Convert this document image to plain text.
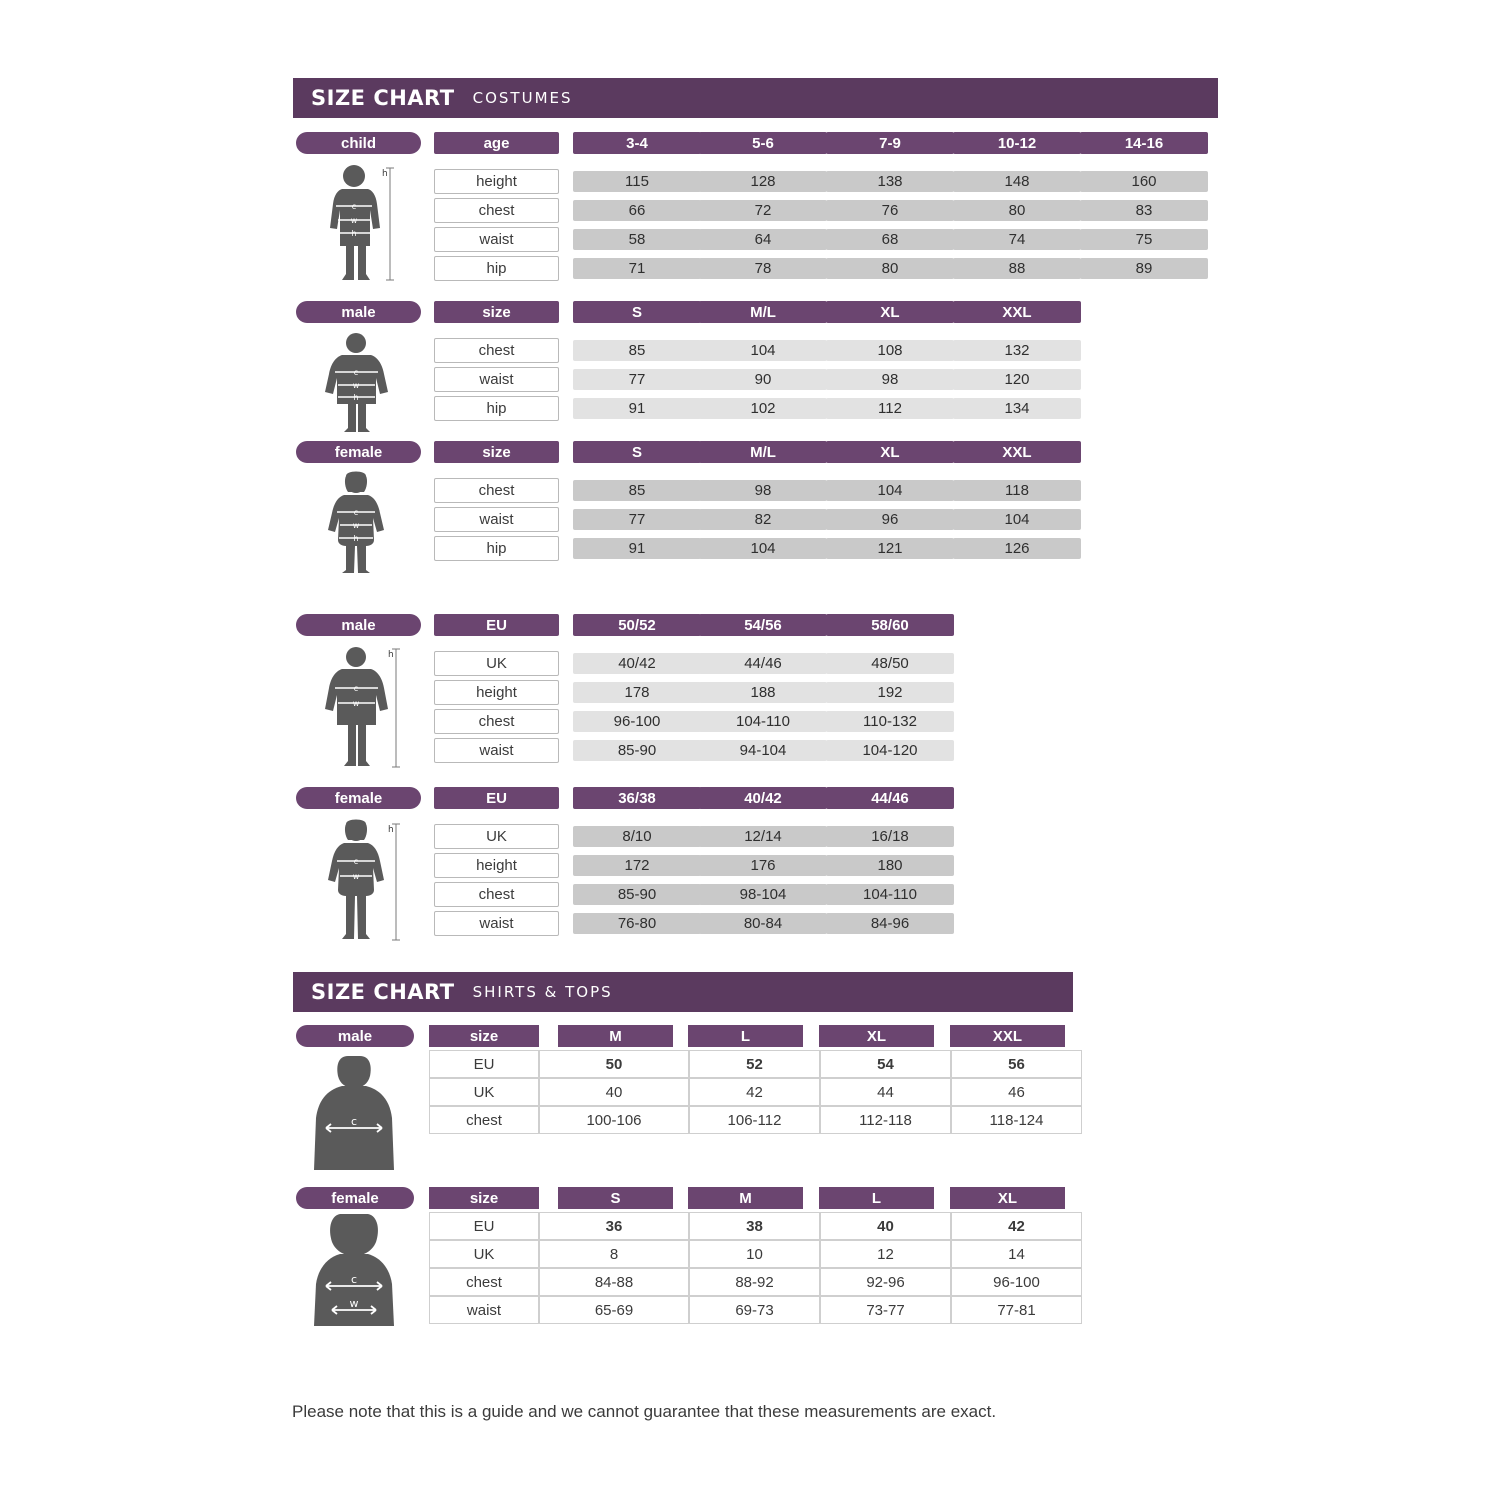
SIZE CHART COSTUMES
child	age	3-4	5-6	7-9	10-12	14-16
height	115	128	138	148	160
chest	66	72	76	80	83
waist	58	64	68	74	75
hip	71	78	80	88	89
c
w
h
h
male	size	S	M/L	XL	XXL
chest	85	104	108	132
waist	77	90	98	120
hip	91	102	112	134
c
w
h
female	size	S	M/L	XL	XXL
chest	85	98	104	118
waist	77	82	96	104
hip	91	104	121	126
c
w
h
male	EU	50/52	54/56	58/60
UK	40/42	44/46	48/50
height	178	188	192
chest	96-100	104-110	110-132
waist	85-90	94-104	104-120
c
w
h
female	EU	36/38	40/42	44/46
UK	8/10	12/14	16/18
height	172	176	180
chest	85-90	98-104	104-110
waist	76-80	80-84	84-96
c
w
h
SIZE CHART SHIRTS & TOPS
male	size	M	L	XL	XXL
EU	50	52	54	56
UK	40	42	44	46
chest	100-106	106-112	112-118	118-124
c
female	size	S	M	L	XL
EU	36	38	40	42
UK	8	10	12	14
chest	84-88	88-92	92-96	96-100
waist	65-69	69-73	73-77	77-81
c
w
Please note that this is a guide and we cannot guarantee that these measurements are exact.
